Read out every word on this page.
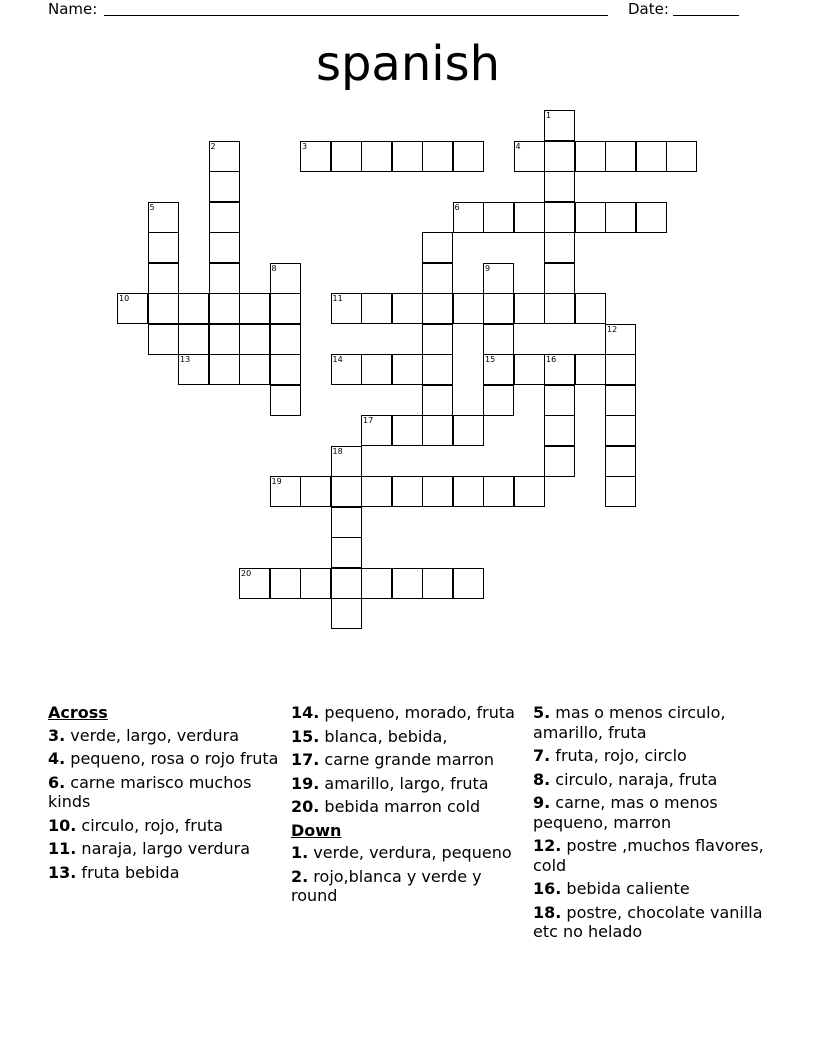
Name:	Date:
spanish
1
2	3	4
5	6
8	9
10	11
12
13	14	15	16
17
18
19
20
Across
3. verde, largo, verdura
4. pequeno, rosa o rojo fruta
6. carne marisco muchos kinds
10. circulo, rojo, fruta
11. naraja, largo verdura
13. fruta bebida
14. pequeno, morado, fruta
15. blanca, bebida,
17. carne grande marron
19. amarillo, largo, fruta
20. bebida marron cold
Down
1. verde, verdura, pequeno
2. rojo,blanca y verde y round
5. mas o menos circulo, amarillo, fruta
7. fruta, rojo, circlo
8. circulo, naraja, fruta
9. carne, mas o menos pequeno, marron
12. postre ,muchos flavores, cold
16. bebida caliente
18. postre, chocolate vanilla etc no helado
